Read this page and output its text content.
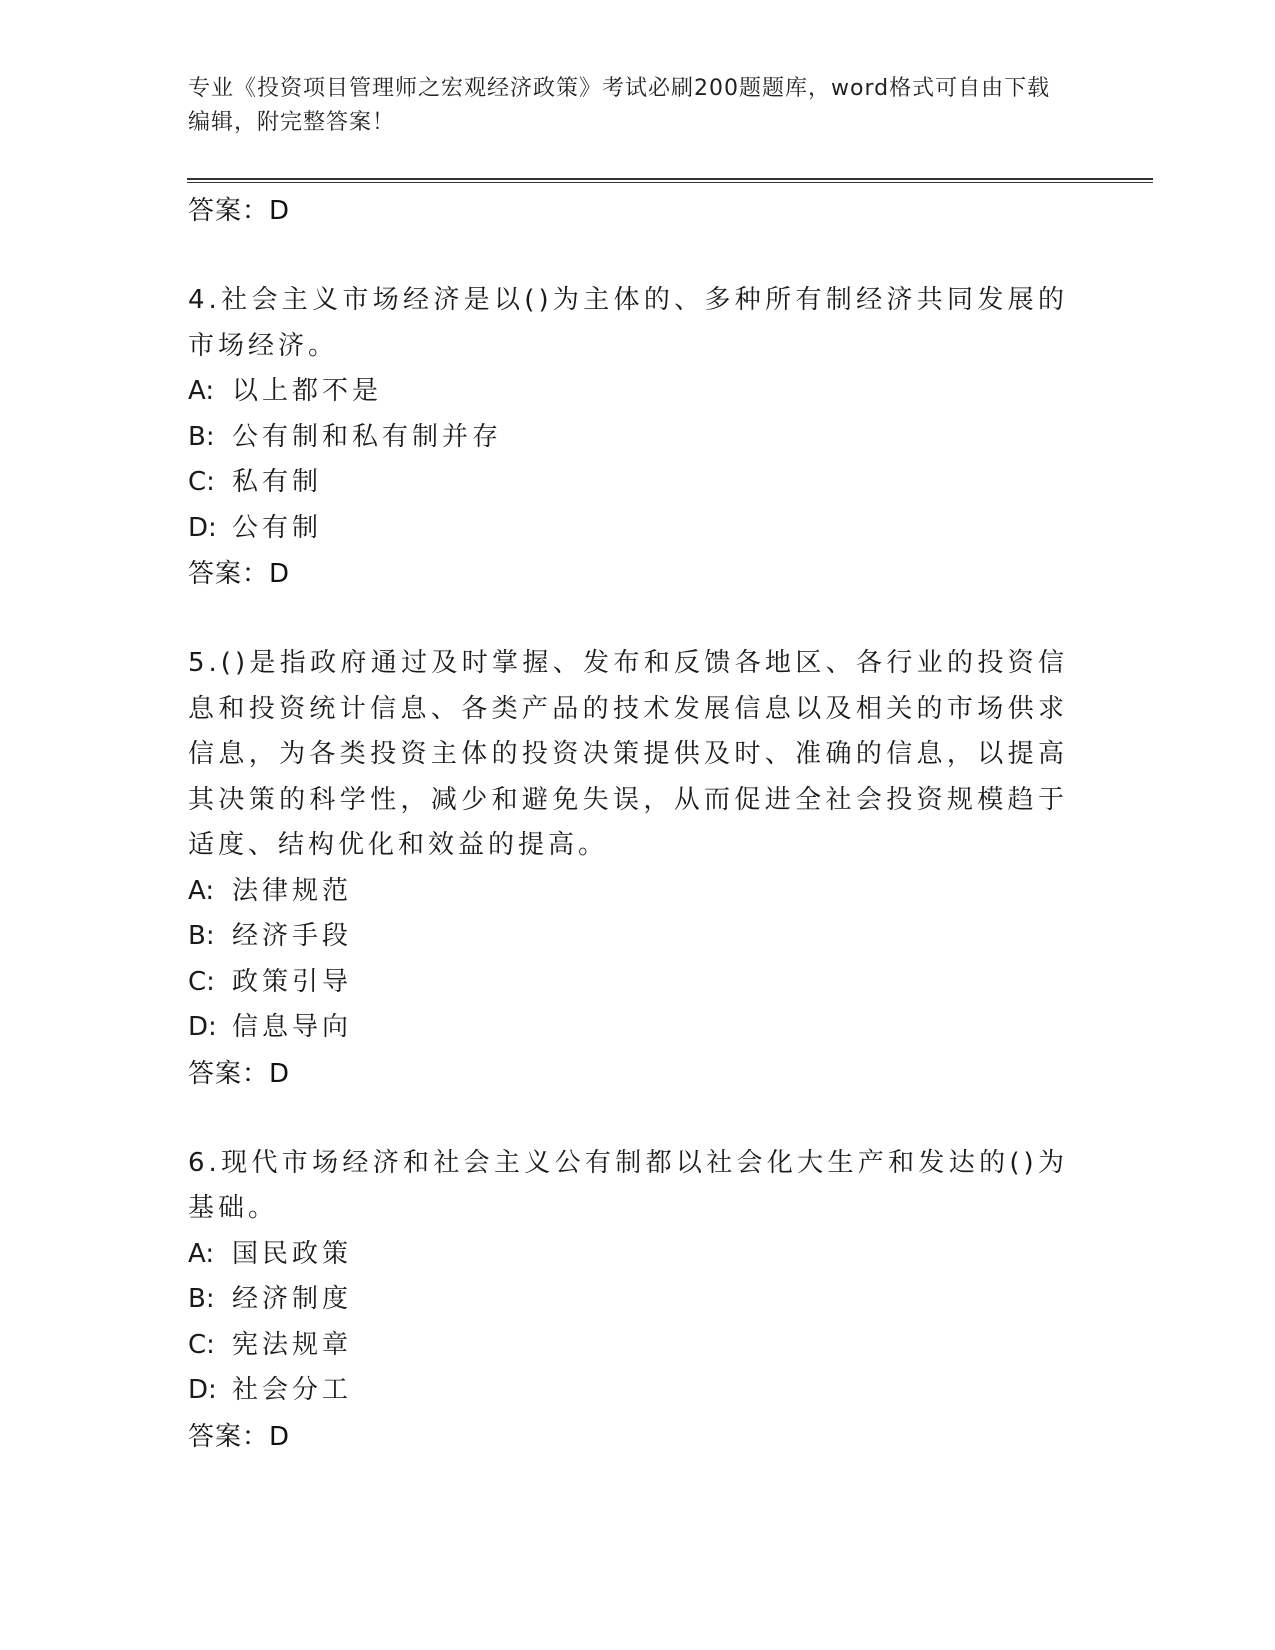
专业《投资项目管理师之宏观经济政策》考试必刷200题题库，word格式可自由下载编辑，附完整答案！
答案：D
4.社会主义市场经济是以()为主体的、多种所有制经济共同发展的市场经济。
A: 以上都不是
B: 公有制和私有制并存
C: 私有制
D: 公有制
答案：D
5.()是指政府通过及时掌握、发布和反馈各地区、各行业的投资信息和投资统计信息、各类产品的技术发展信息以及相关的市场供求信息，为各类投资主体的投资决策提供及时、准确的信息，以提高其决策的科学性，减少和避免失误，从而促进全社会投资规模趋于适度、结构优化和效益的提高。
A: 法律规范
B: 经济手段
C: 政策引导
D: 信息导向
答案：D
6.现代市场经济和社会主义公有制都以社会化大生产和发达的()为基础。
A: 国民政策
B: 经济制度
C: 宪法规章
D: 社会分工
答案：D
